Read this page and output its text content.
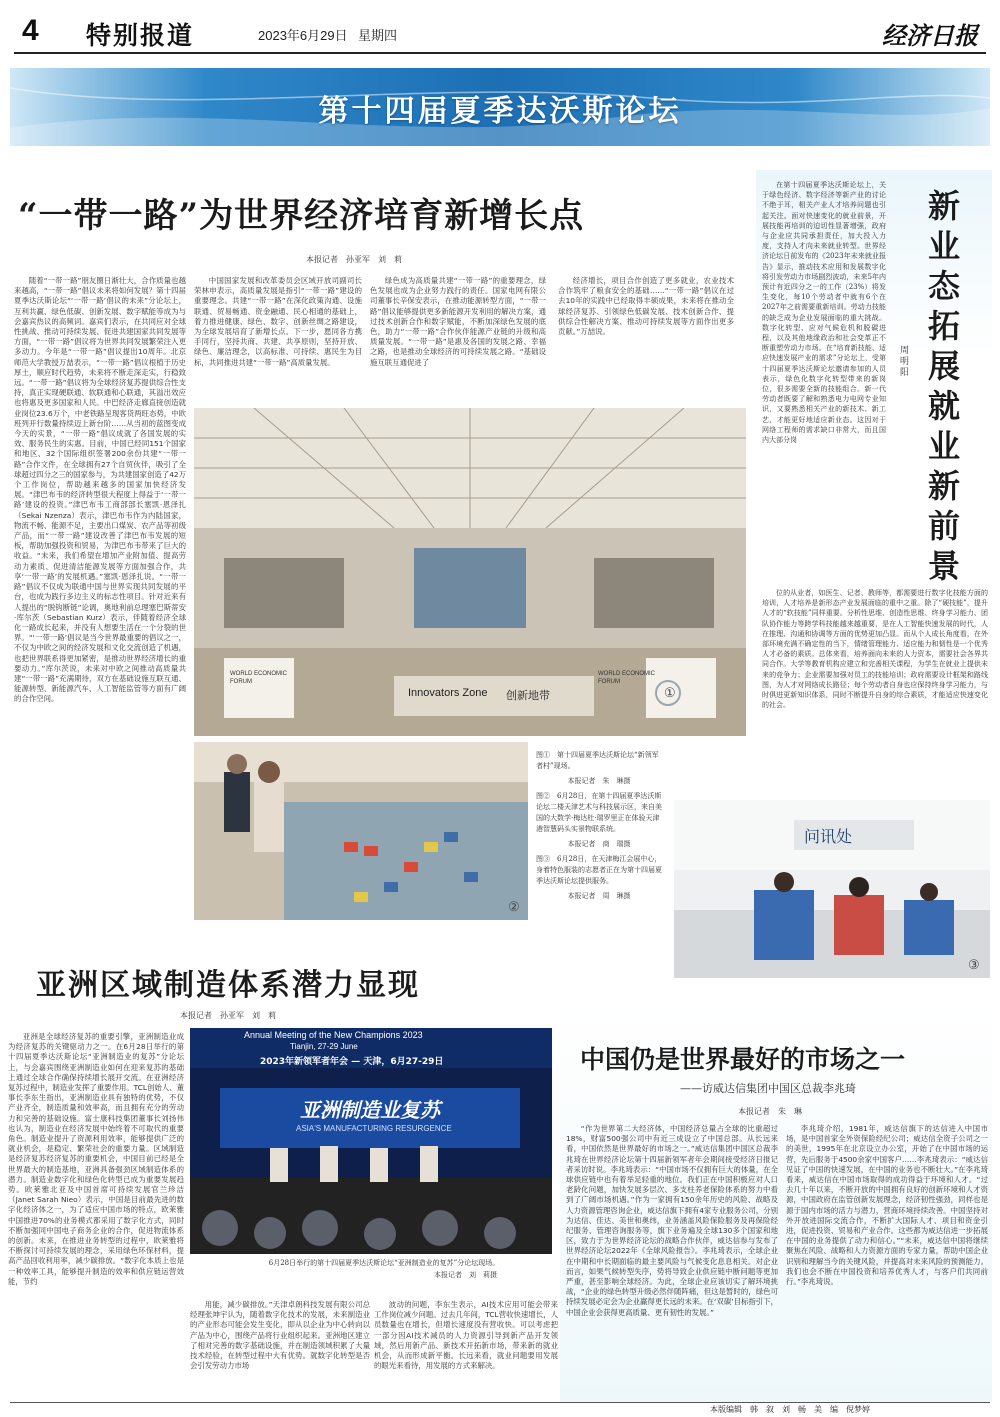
4 特别报道	2023年6月29日 星期四	经济日报
第十四届夏季达沃斯论坛
“一带一路”为世界经济培育新增长点
本报记者　孙亚军　刘　莉

随着“一带一路”朋友圈日渐壮大，合作质量也越来越高，“一带一路”倡议未来将如何发展？第十四届夏季达沃斯论坛“‘一带一路’倡议的未来”分论坛上，互利共赢、绿色低碳、创新发展、数字赋能等成为与会嘉宾热议的高频词。嘉宾们表示，在共同应对全球性挑战、推动可持续发展、促进共建国家共同发展等方面，“一带一路”倡议将为世界共同发展繁荣注入更多动力。今年是“一带一路”倡议提出10周年。北京师范大学教授万喆表示，“一带一路”倡议根植于历史厚土，顺应时代趋势，未来将不断走深走实，行稳致远。“一带一路”倡议将为全球经济复苏提供综合性支持，真正实现硬联通、软联通和心联通，其溢出效应也将惠及更多国家和人民。中巴经济走廊直接创造就业岗位23.6万个，中老铁路呈现客货两旺态势，中欧班列开行数量持续迈上新台阶……从当初的蓝图变成今天的实景，“一带一路”倡议成就了各国发展的实效、服务民生的实惠。目前，中国已经同151个国家和地区、32个国际组织签署200余份共建“一带一路”合作文件，在全球拥有27个自贸伙伴，吸引了全球超过四分之三的国家参与，为共建国家创造了42万个工作岗位，帮助越来越多的国家加快经济发展。“津巴布韦的经济转型很大程度上得益于‘一带一路’建设的投资。”津巴布韦工商部部长塞凯·恩泽扎（Sekai Nzenza）表示，津巴布韦作为内陆国家，物流不畅、能源不足，主要出口煤炭、农产品等初级产品，而“一带一路”建设改善了津巴布韦发展的短板，帮助加强投资和贸易，为津巴布韦带来了巨大的收益。“未来，我们希望在增加产业附加值、提高劳动力素质、促进清洁能源发展等方面加强合作，共享‘一带一路’的发展机遇。”塞凯·恩泽扎说。“一带一路”倡议不仅成为联通中国与世界实现共同发展的平台，也成为践行多边主义的标志性项目。针对近来有人提出的“脱钩断链”论调，奥地利前总理塞巴斯蒂安·库尔茨（Sebastian Kurz）表示，伴随着经济全球化一路成长起来，并没有人想要生活在一个分裂的世界。“‘一带一路’倡议是当今世界最重要的倡议之一，不仅为中欧之间的经济发展和文化交流创造了机遇，也把世界联系得更加紧密，是推动世界经济增长的重要动力。”库尔茨说，未来对中欧之间推动高质量共建“一带一路”充满期待，双方在基础设施互联互通、能源转型、新能源汽车、人工智能监管等方面有广阔的合作空间。

中国国家发展和改革委员会区域开放司副司长荣林申表示，高质量发展是指引“一带一路”建设的重要理念。共建“一带一路”在深化政策沟通、设施联通、贸易畅通、资金融通、民心相通的基础上，着力推进健康、绿色、数字、创新丝绸之路建设，为全球发展培育了新增长点。下一步，愿同各方携手同行，坚持共商、共建、共享原则，坚持开放、绿色、廉洁理念，以高标准、可持续、惠民生为目标，共同推进共建“一带一路”高质量发展。

绿色成为高质量共建“一带一路”的重要理念，绿色发展也成为企业努力践行的责任。国家电网有限公司董事长辛保安表示，在推动能源转型方面，“一带一路”倡议能够提供更多新能源开发利用的解决方案，通过技术创新合作和数字赋能，不断加深绿色发展的底色，助力“一带一路”合作伙伴能源产业链的升级和高质量发展。“一带一路”是惠及各国的发展之路、幸福之路，也是推动全球经济的可持续发展之路。“基础设施互联互通促进了

经济增长，项目合作创造了更多就业，农业技术合作筑牢了粮食安全的基础……“一带一路”倡议在过去10年的实践中已经取得丰硕成果，未来将在推动全球经济复苏、引领绿色低碳发展、技术创新合作、提供综合性解决方案、推动可持续发展等方面作出更多贡献。”万喆说。

Innovators Zone 创新地带
WORLD ECONOMIC FORUM
WORLD ECONOMIC FORUM
①
②

图①　第十四届夏季达沃斯论坛“新领军者村”现场。

本报记者　朱　琳摄

图②　6月28日，在第十四届夏季达沃斯论坛二楼天津艺术与科技展示区，来自美国的大数学·梅达杜·瑞罗里正在体验天津港智慧码头实景物联系统。

本报记者　商　瑞摄

图③　6月28日，在天津梅江会展中心，身着特色服装的志愿者正在为第十四届夏季达沃斯论坛提供服务。

本报记者　周　琳摄

新业态拓展就业新前景
周明阳

在第十四届夏季达沃斯论坛上，关于绿色经济、数字经济等新产业的讨论不绝于耳，相关产业人才培养问题也引起关注。面对快速变化的就业前景，开展技能再培训的迫切性显著增强，政府与企业应共同承担责任，加大投入力度，支持人才向未来就业转型。世界经济论坛日前发布的《2023年未来就业报告》显示，推动技术应用和发展数字化将引发劳动力市场剧烈波动，未来5年内预计有近四分之一的工作（23%）将发生变化，每10个劳动者中就有6个在2027年之前需要重新培训。劳动力技能的缺乏成为企业发展面临的重大挑战。数字化转型、应对气候危机和脱碳进程，以及其他地缘政治和社会变革正不断重塑劳动力市场。在“培育新技能、适应快速发展产业的需求”分论坛上，受第十四届夏季达沃斯论坛邀请参加的人员表示，绿色化数字化转型带来的新岗位，很多需要全新的技能组合。新一代劳动者既要了解和熟悉电力电网专业知识，又要熟悉相关产业的新技术、新工艺，才能更好地适应新业态。这因对于网络工程师的需求缺口非常大，而且国内大部分岗

位的从业者，如医生、记者、教师等，都需要进行数字化技能方面的培训，人才培养是新形态产业发展面临的重中之重。除了“硬技能”，提升人才的“软技能”同样重要。分析性思维、创造性思维、终身学习能力、团队协作能力等跨学科技能越来越重要，是在人工智能快速发展的时代，人在推理、沟通和协调等方面的优势更加凸显。而从个人成长角度看，在外部环境充满不确定性的当下，情绪管理能力、适应能力和韧性是一个优秀人才必备的素质。总体来看，培养面向未来的人力资本，需要社会各界共同合作。大学等教育机构应建立和完善相关课程，为学生在就业上提供未来的竞争力；企业需要加强对员工的技能培训；政府需要设计框架和路线图，为人才对网络成长路径；每个劳动者自身也应保持终身学习能力，与时俱进更新知识体系，同时不断提升自身的综合素质，才能适应快速变化的社会。

问讯处
③
亚洲区域制造体系潜力显现
本报记者　孙亚军　刘　莉

亚洲是全球经济复苏的重要引擎，亚洲制造业成为经济复苏的关键驱动力之一。在6月28日举行的第十四届夏季达沃斯论坛“亚洲制造业的复苏”分论坛上，与会嘉宾围绕亚洲制造业如何在迎来复苏的基础上通过全球合作确保持续增长展开交流。在亚洲经济复苏过程中，制造业发挥了重要作用。TCL创始人、董事长李东生指出，亚洲制造业具有独特的优势，不仅产业齐全，制造质量和效率高，而且拥有充分的劳动力和完善的基础设施。富士康科技集团董事长刘扬伟也认为，制造业在经济发展中始终着不可取代的重要角色。制造业提升了资源利用效率，能够提供广泛的就业机会，是稳定、繁荣社会的重要力量。区域制造是经济复苏经济复苏的重要机会，中国目前已经是全世界最大的制造基地，亚洲具备强劲区域制造体系的潜力。制造业数字化和绿色化转型已成为重要发展趋势。欧莱雅北亚及中国首席可持续发展官兰珍洁（Janet Sarah Nieo）表示，中国是目前最先进的数字化经济体之一，为了适应中国市场的特点，欧莱雅中国推进70%的业务模式都采用了数字化方式，同时不断加强同中国电子商务企业的合作，促进物流体系的创新。未来，在推进业务转型的过程中，欧莱雅将不断探讨可持续发展的理念，采用绿色环保材料，提高产品回收利用率，减少碳排放。“数字化本质上也是一种效率工具，能够提升制造的效率和供应链运营效能，节约

用能，减少碳排放。”天津卓朗科技发展有限公司总经理张坤宇认为，随着数字化技术的发展，未来制造业的产业形态可能会发生变化，即从以企业为中心转向以产品为中心，围绕产品将行业组织起来。亚洲地区建立了相对完善的数字基础设施，并在制造领域积累了大量技术经验，在转型过程中大有优势。就数字化转型是否会引发劳动力市场

波动的问题，李东生表示，AI技术应用可能会带来工作岗位减少问题。过去几年间，TCL营收快速增长，人员数量也在增长，但增长速度没有营收快。可以考虑把一部分因AI技术减员的人力资源引导到新产品开发领域，然后用新产品、新技术开拓新市场，带来新的就业机会，从而形成新平衡。长远来看，就业问题要用发展的眼光来看待，用发展的方式来解决。

Annual Meeting of the New Champions 2023
Tianjin, 27-29 June
2023年新领军者年会 — 天津，6月27-29日
亚洲制造业复苏
ASIA'S MANUFACTURING RESURGENCE
6月28日举行的第十四届夏季达沃斯论坛“亚洲制造业的复苏”分论坛现场。
本报记者　刘　莉摄
中国仍是世界最好的市场之一
——访威达信集团中国区总裁李兆琦
本报记者　朱　琳

“作为世界第二大经济体，中国经济总量占全球的比重超过18%，财富500强公司中有近三成设立了中国总部。从长远来看，中国依然是世界最好的市场之一。”威达信集团中国区总裁李兆琦在世界经济论坛第十四届新领军者年会期间接受经济日报记者采访时说。李兆琦表示：“中国市场不仅拥有巨大的体量，在全球供应链中也有着举足轻重的地位。我们正在中国积极应对人口老龄化问题，加快发展多层次、多支柱养老保险体系的努力中看到了广阔市场机遇。”作为一家拥有150余年历史的风险、战略及人力资源管理咨询企业，威达信旗下拥有4家专业服务公司，分别为达信、佳达、美世和奥纬，业务涵盖风险保险服务及再保险经纪服务、管理咨询服务等，旗下业务遍及全球130多个国家和地区，致力于为世界经济论坛的战略合作伙伴，威达信参与发布了世界经济论坛2022年《全球风险报告》。李兆琦表示，全球企业在中期和中长期面临的最主要风险与气候变化息息相关。对企业而言，如果气候转型失序，势将导致企业供应链中断问题等更加严重，甚至影响全球经济。为此，全球企业应该切实了解环境挑战，“企业的绿色转型升级必然伴随阵痛，但这是暂时的，绿色可持续发展必定会为企业赢得更长远的未来。在‘双碳’目标指引下，中国企业会获得更高质量、更有韧性的发展。”

李兆琦介绍，1981年，威达信旗下的达信进入中国市场，是中国首家全外资保险经纪公司；威达信全资子公司之一的美世，1995年在北京设立办公室，开始了在中国市场的运营，先后服务于4500余家中国客户……李兆琦表示：“威达信见证了中国的快速发展，在中国的业务也不断壮大。”在李兆琦看来，威达信在中国市场取得的成功得益于环境和人才。“过去几十年以来，不断开放的中国拥有良好的创新环境和人才资源，中国政府在监管创新发展理念，经济韧性强劲，同样也是源于国内市场的活力与潜力，营商环境持续改善。中国坚持对外开放进国际交流合作，不断扩大国际人才、项目和资金引进，促进投资、贸易和产业合作。这些都为威达信进一步拓展在中国的业务提供了动力和信心。”“未来，威达信中国将继续聚焦在风险、战略和人力资源方面的专家力量，帮助中国企业识别和理解当今的关键风险，并提高对未来风险的预测能力。我们也会不断在中国投资和培养优秀人才，与客户们共同前行。”李兆琦说。

本版编辑　韩　叙　刘　畅　美　编　倪梦婷
